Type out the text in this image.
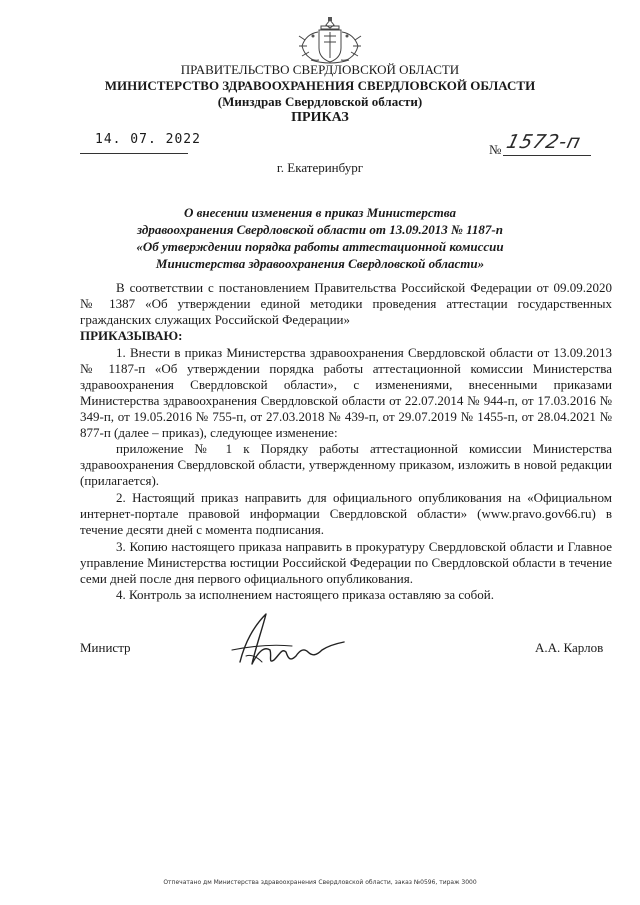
ПРАВИТЕЛЬСТВО СВЕРДЛОВСКОЙ ОБЛАСТИ
МИНИСТЕРСТВО ЗДРАВООХРАНЕНИЯ СВЕРДЛОВСКОЙ ОБЛАСТИ
(Минздрав Свердловской области)
ПРИКАЗ
14. 07. 2022
№ 1572-п
г. Екатеринбург
О внесении изменения в приказ Министерства
здравоохранения Свердловской области от 13.09.2013 № 1187-п
«Об утверждении порядка работы аттестационной комиссии
Министерства здравоохранения Свердловской области»
В соответствии с постановлением Правительства Российской Федерации от 09.09.2020 № 1387 «Об утверждении единой методики проведения аттестации государственных гражданских служащих Российской Федерации»
ПРИКАЗЫВАЮ:
1. Внести в приказ Министерства здравоохранения Свердловской области от 13.09.2013 № 1187-п «Об утверждении порядка работы аттестационной комиссии Министерства здравоохранения Свердловской области», с изменениями, внесенными приказами Министерства здравоохранения Свердловской области от 22.07.2014 № 944-п, от 17.03.2016 № 349-п, от 19.05.2016 № 755-п, от 27.03.2018 № 439-п, от 29.07.2019 № 1455-п, от 28.04.2021 № 877-п (далее – приказ), следующее изменение:
приложение № 1 к Порядку работы аттестационной комиссии Министерства здравоохранения Свердловской области, утвержденному приказом, изложить в новой редакции (прилагается).
2. Настоящий приказ направить для официального опубликования на «Официальном интернет-портале правовой информации Свердловской области» (www.pravo.gov66.ru) в течение десяти дней с момента подписания.
3. Копию настоящего приказа направить в прокуратуру Свердловской области и Главное управление Министерства юстиции Российской Федерации по Свердловской области в течение семи дней после дня первого официального опубликования.
4. Контроль за исполнением настоящего приказа оставляю за собой.
Министр	А.А. Карлов
Отпечатано дм Министерства здравоохранения Свердловской области, заказ №0596, тираж 3000
